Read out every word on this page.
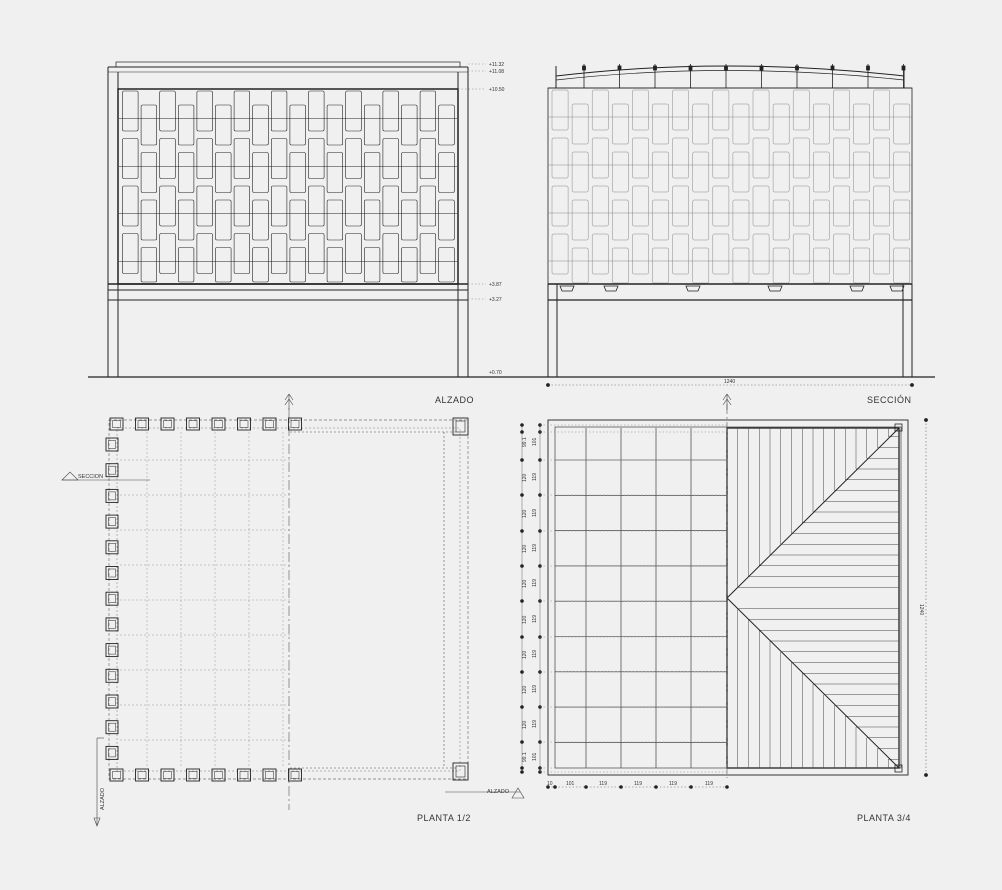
+11.32
+11.08
+10.50
+3.87
+3.27
+0.70
1240
1240
ALZADO	SECCIÓN
PLANTA 1/2	PLANTA 3/4
SECCION
ALZADO
ALZADO
99.1
120
120
120
120
120
120
120
120
99.1
101
119
119
119
119
119
119
119
119
101
10	101	119	119	119	119
